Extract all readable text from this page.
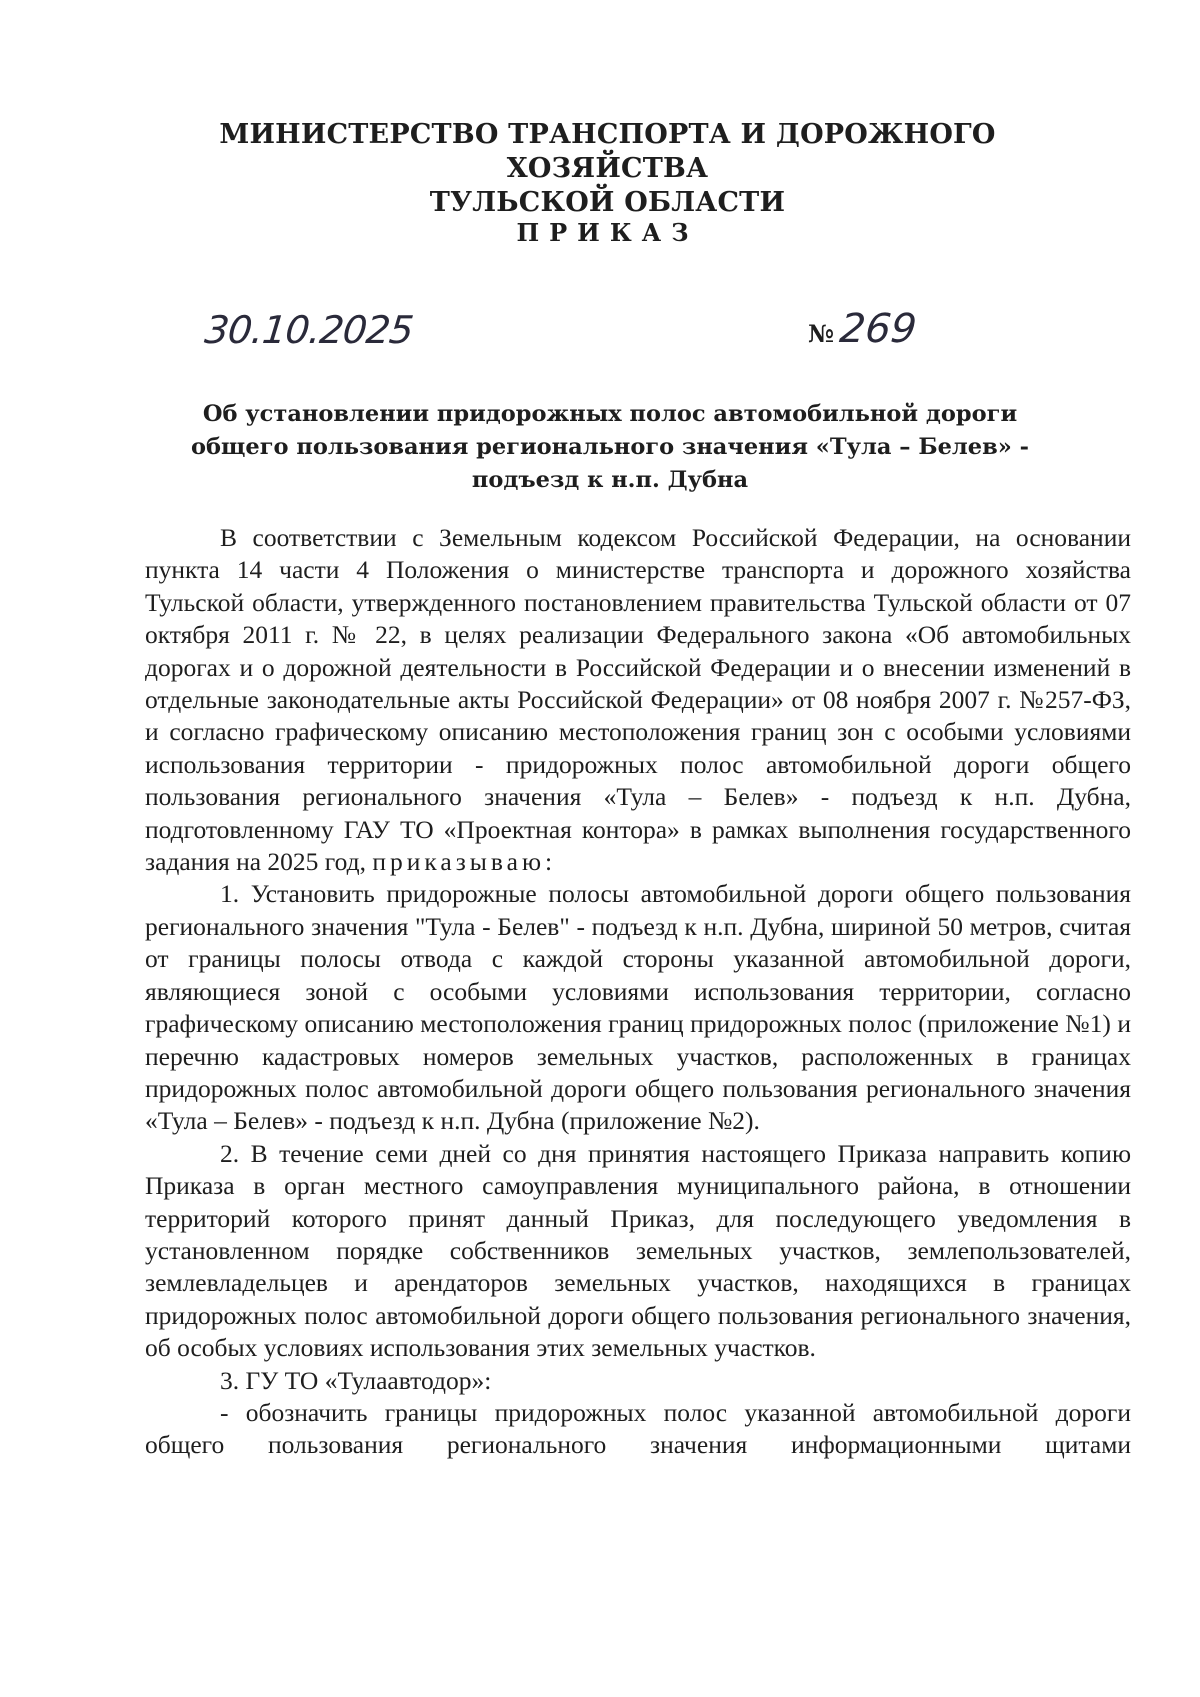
МИНИСТЕРСТВО ТРАНСПОРТА И ДОРОЖНОГО ХОЗЯЙСТВА
ТУЛЬСКОЙ ОБЛАСТИ
ПРИКАЗ
30.10.2025	№ 269
Об установлении придорожных полос автомобильной дороги общего пользования регионального значения «Тула – Белев» - подъезд к н.п. Дубна

В соответствии с Земельным кодексом Российской Федерации, на основании пункта 14 части 4 Положения о министерстве транспорта и дорожного хозяйства Тульской области, утвержденного постановлением правительства Тульской области от 07 октября 2011 г. № 22, в целях реализации Федерального закона «Об автомобильных дорогах и о дорожной деятельности в Российской Федерации и о внесении изменений в отдельные законодательные акты Российской Федерации» от 08 ноября 2007 г. №257-ФЗ, и согласно графическому описанию местоположения границ зон с особыми условиями использования территории - придорожных полос автомобильной дороги общего пользования регионального значения «Тула – Белев» - подъезд к н.п. Дубна, подготовленному ГАУ ТО «Проектная контора» в рамках выполнения государственного задания на 2025 год, приказываю:

1. Установить придорожные полосы автомобильной дороги общего пользования регионального значения "Тула - Белев" - подъезд к н.п. Дубна, шириной 50 метров, считая от границы полосы отвода с каждой стороны указанной автомобильной дороги, являющиеся зоной с особыми условиями использования территории, согласно графическому описанию местоположения границ придорожных полос (приложение №1) и перечню кадастровых номеров земельных участков, расположенных в границах придорожных полос автомобильной дороги общего пользования регионального значения «Тула – Белев» - подъезд к н.п. Дубна (приложение №2).

2. В течение семи дней со дня принятия настоящего Приказа направить копию Приказа в орган местного самоуправления муниципального района, в отношении территорий которого принят данный Приказ, для последующего уведомления в установленном порядке собственников земельных участков, землепользователей, землевладельцев и арендаторов земельных участков, находящихся в границах придорожных полос автомобильной дороги общего пользования регионального значения, об особых условиях использования этих земельных участков.

3. ГУ ТО «Тулаавтодор»:

- обозначить границы придорожных полос указанной автомобильной дороги общего пользования регионального значения информационными щитами
